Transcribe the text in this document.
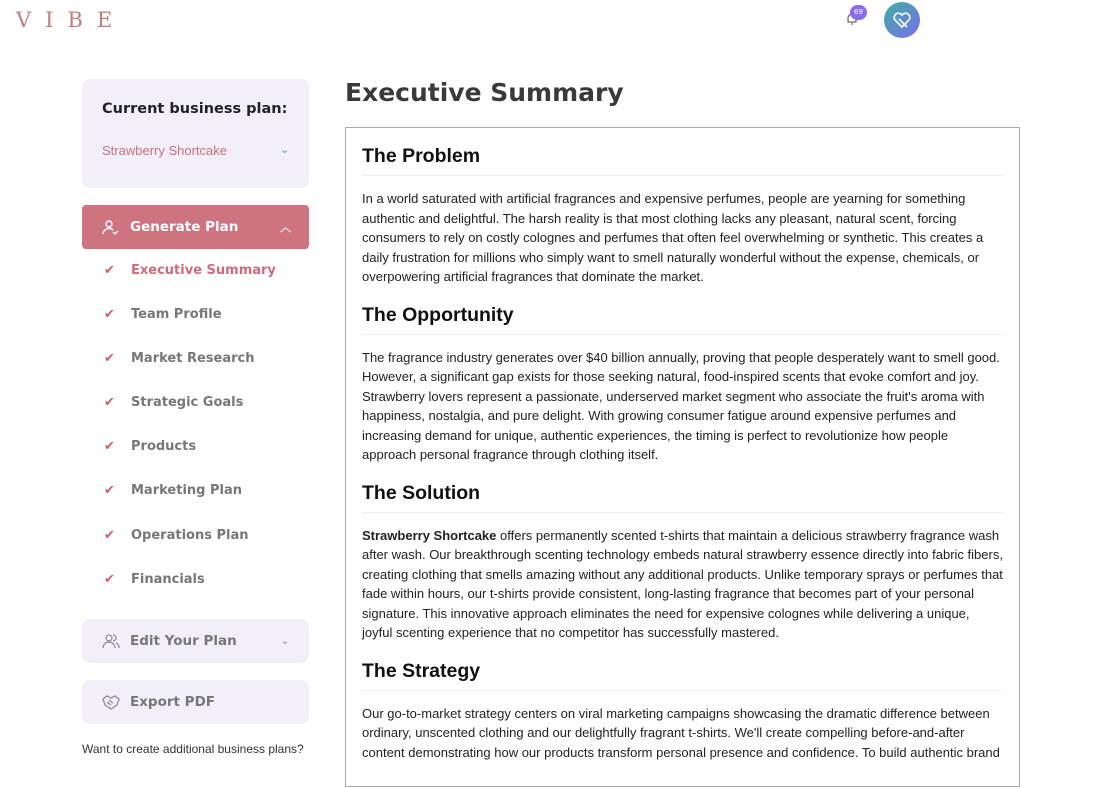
VIBE	69
Current business plan:
Strawberry Shortcake	⌄
Generate Plan	︿
✔	Executive Summary
✔	Team Profile
✔	Market Research
✔	Strategic Goals
✔	Products
✔	Marketing Plan
✔	Operations Plan
✔	Financials
Edit Your Plan	⌄
Export PDF
Want to create additional business plans?
Executive Summary
The Problem

In a world saturated with artificial fragrances and expensive perfumes, people are yearning for something authentic and delightful. The harsh reality is that most clothing lacks any pleasant, natural scent, forcing consumers to rely on costly colognes and perfumes that often feel overwhelming or synthetic. This creates a daily frustration for millions who simply want to smell naturally wonderful without the expense, chemicals, or overpowering artificial fragrances that dominate the market.

The Opportunity

The fragrance industry generates over $40 billion annually, proving that people desperately want to smell good. However, a significant gap exists for those seeking natural, food-inspired scents that evoke comfort and joy. Strawberry lovers represent a passionate, underserved market segment who associate the fruit's aroma with happiness, nostalgia, and pure delight. With growing consumer fatigue around expensive perfumes and increasing demand for unique, authentic experiences, the timing is perfect to revolutionize how people approach personal fragrance through clothing itself.

The Solution

Strawberry Shortcake offers permanently scented t-shirts that maintain a delicious strawberry fragrance wash after wash. Our breakthrough scenting technology embeds natural strawberry essence directly into fabric fibers, creating clothing that smells amazing without any additional products. Unlike temporary sprays or perfumes that fade within hours, our t-shirts provide consistent, long-lasting fragrance that becomes part of your personal signature. This innovative approach eliminates the need for expensive colognes while delivering a unique, joyful scenting experience that no competitor has successfully mastered.

The Strategy

Our go-to-market strategy centers on viral marketing campaigns showcasing the dramatic difference between ordinary, unscented clothing and our delightfully fragrant t-shirts. We'll create compelling before-and-after content demonstrating how our products transform personal presence and confidence. To build authentic brand
